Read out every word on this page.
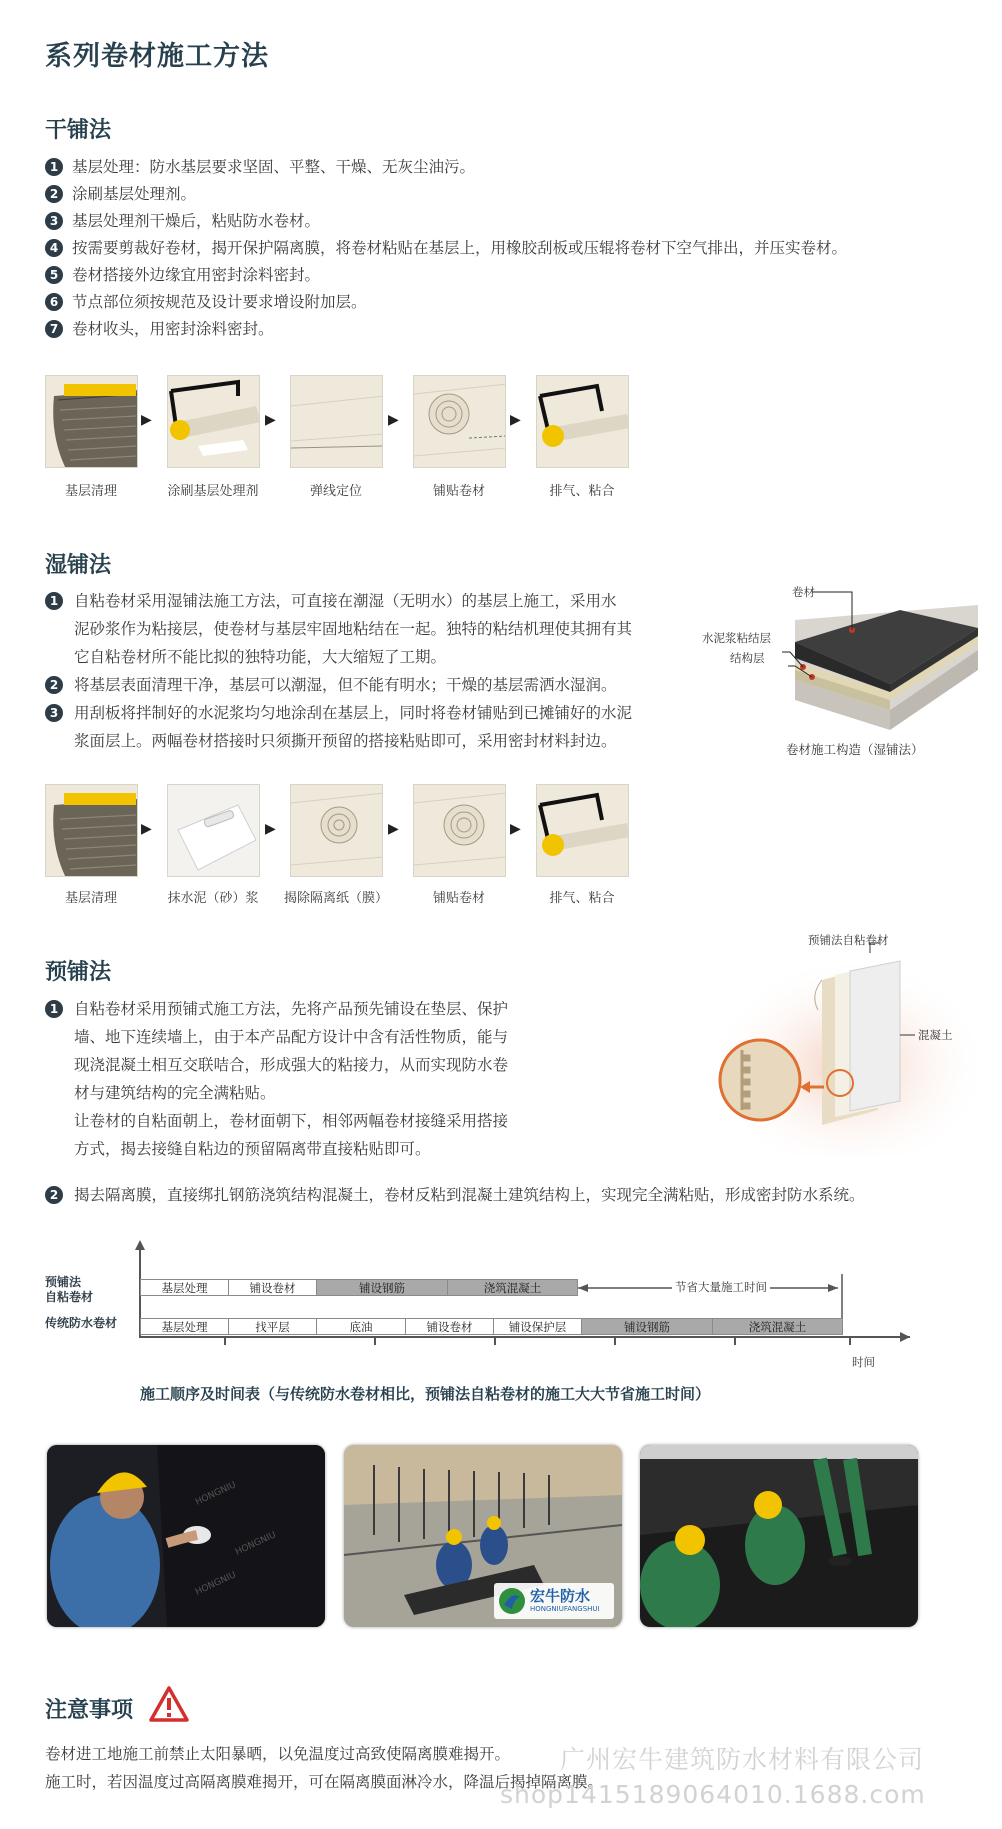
系列卷材施工方法
干铺法
1 基层处理：防水基层要求坚固、平整、干燥、无灰尘油污。
2 涂刷基层处理剂。
3 基层处理剂干燥后，粘贴防水卷材。
4 按需要剪裁好卷材，揭开保护隔离膜，将卷材粘贴在基层上，用橡胶刮板或压辊将卷材下空气排出，并压实卷材。
5 卷材搭接外边缘宜用密封涂料密封。
6 节点部位须按规范及设计要求增设附加层。
7 卷材收头，用密封涂料密封。
▶	▶	▶	▶
基层清理	涂刷基层处理剂	弹线定位	铺贴卷材	排气、粘合
湿铺法
1	自粘卷材采用湿铺法施工方法，可直接在潮湿（无明水）的基层上施工，采用水
泥砂浆作为粘接层，使卷材与基层牢固地粘结在一起。独特的粘结机理使其拥有其
它自粘卷材所不能比拟的独特功能，大大缩短了工期。
2	将基层表面清理干净，基层可以潮湿，但不能有明水；干燥的基层需洒水湿润。
3	用刮板将拌制好的水泥浆均匀地涂刮在基层上，同时将卷材铺贴到已摊铺好的水泥
浆面层上。两幅卷材搭接时只须撕开预留的搭接粘贴即可，采用密封材料封边。
卷材
水泥浆粘结层
结构层
卷材施工构造（湿铺法）
▶	▶	▶	▶
基层清理	抹水泥（砂）浆	揭除隔离纸（膜）	铺贴卷材	排气、粘合
预铺法
1	自粘卷材采用预铺式施工方法，先将产品预先铺设在垫层、保护
墙、地下连续墙上，由于本产品配方设计中含有活性物质，能与
现浇混凝土相互交联咭合，形成强大的粘接力，从而实现防水卷
材与建筑结构的完全满粘贴。
让卷材的自粘面朝上，卷材面朝下，相邻两幅卷材接缝采用搭接
方式，揭去接缝自粘边的预留隔离带直接粘贴即可。
2	揭去隔离膜，直接绑扎钢筋浇筑结构混凝土，卷材反粘到混凝土建筑结构上，实现完全满粘贴，形成密封防水系统。
预铺法自粘卷材
混凝土
预铺法
自粘卷材
传统防水卷材
基层处理	铺设卷材	铺设钢筋	浇筑混凝土	节省大量施工时间
基层处理	找平层	底油	铺设卷材	铺设保护层	铺设钢筋	浇筑混凝土
时间
施工顺序及时间表（与传统防水卷材相比，预铺法自粘卷材的施工大大节省施工时间）
HONGNIU
HONGNIU
HONGNIU	宏牛防水
HONGNIUFANGSHUI
注意事项
卷材进工地施工前禁止太阳暴晒，以免温度过高致使隔离膜难揭开。
施工时，若因温度过高隔离膜难揭开，可在隔离膜面淋冷水，降温后揭掉隔离膜。
广州宏牛建筑防水材料有限公司
shop1415189064010.1688.com
